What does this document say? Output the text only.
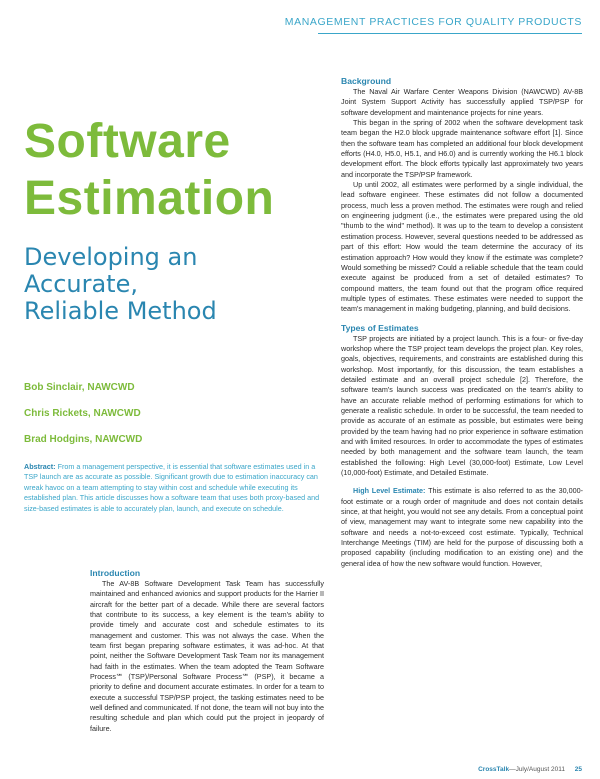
MANAGEMENT PRACTICES FOR QUALITY PRODUCTS
Software
Estimation
Developing an
Accurate,
Reliable Method
Bob Sinclair, NAWCWD
Chris Rickets, NAWCWD
Brad Hodgins, NAWCWD
Abstract: From a management perspective, it is essential that software estimates used in a TSP launch are as accurate as possible. Significant growth due to estimation inaccuracy can wreak havoc on a team attempting to stay within cost and schedule while executing its established plan. This article discusses how a software team that uses both proxy-based and size-based estimates is able to accurately plan, launch, and execute on schedule.
Introduction

The AV-8B Software Development Task Team has successfully maintained and enhanced avionics and support products for the Harrier II aircraft for the better part of a decade. While there are several factors that contribute to its success, a key element is the team's ability to provide timely and accurate cost and schedule estimates to its management and customer. This was not always the case. When the team first began preparing software estimates, it was ad-hoc. At that point, neither the Software Development Task Team nor its management had faith in the estimates. When the team adopted the Team Software Process℠ (TSP)/Personal Software Process℠ (PSP), it became a priority to define and document accurate estimates. In order for a team to execute a successful TSP/PSP project, the tasking estimates need to be well defined and communicated. If not done, the team will not buy into the resulting schedule and plan which could put the project in jeopardy of failure.

Background

The Naval Air Warfare Center Weapons Division (NAWCWD) AV-8B Joint System Support Activity has successfully applied TSP/PSP for software development and maintenance projects for nine years.

This began in the spring of 2002 when the software development task team began the H2.0 block upgrade maintenance software effort [1]. Since then the software team has completed an additional four block development efforts (H4.0, H5.0, H5.1, and H6.0) and is currently working the H6.1 block development effort. The block efforts typically last approximately two years and incorporate the TSP/PSP framework.

Up until 2002, all estimates were performed by a single individual, the lead software engineer. These estimates did not follow a documented process, much less a proven method. The estimates were rough and relied on engineering judgment (i.e., the estimates were prepared using the old "thumb to the wind" method). It was up to the team to develop a consistent estimation process. However, several questions needed to be addressed as part of this effort: How would the team determine the accuracy of its estimation approach? How would they know if the estimate was complete? Would something be missed? Could a reliable schedule that the team could execute against be produced from a set of detailed estimates? To compound matters, the team found out that the program office required multiple types of estimates. These estimates were needed to support the team's management in making budgeting, planning, and build decisions.

Types of Estimates

TSP projects are initiated by a project launch. This is a four- or five-day workshop where the TSP project team develops the project plan. Key roles, goals, objectives, requirements, and constraints are established during this workshop. Most importantly, for this discussion, the team establishes a detailed estimate and an overall project schedule [2]. Therefore, the software team's launch success was predicated on the team's ability to have an accurate reliable method of performing estimations for which to generate a realistic schedule. In order to be successful, the team needed to provide as accurate of an estimate as possible, but estimates were being provided by the team having had no prior experience in software estimation and with limited resources. In order to accommodate the types of estimates needed by both management and the software team launch, the team established the following: High Level (30,000-foot) Estimate, Low Level (10,000-foot) Estimate, and Detailed Estimate.

High Level Estimate: This estimate is also referred to as the 30,000-foot estimate or a rough order of magnitude and does not contain details since, at that height, you would not see any details. From a conceptual point of view, management may want to integrate some new capability into the software and needs a not-to-exceed cost estimate. Typically, Technical Interchange Meetings (TIM) are held for the purpose of discussing both a proposed capability (including modification to an existing one) and the general idea of how the new software would function. However,

CrossTalk—July/August 2011 25
